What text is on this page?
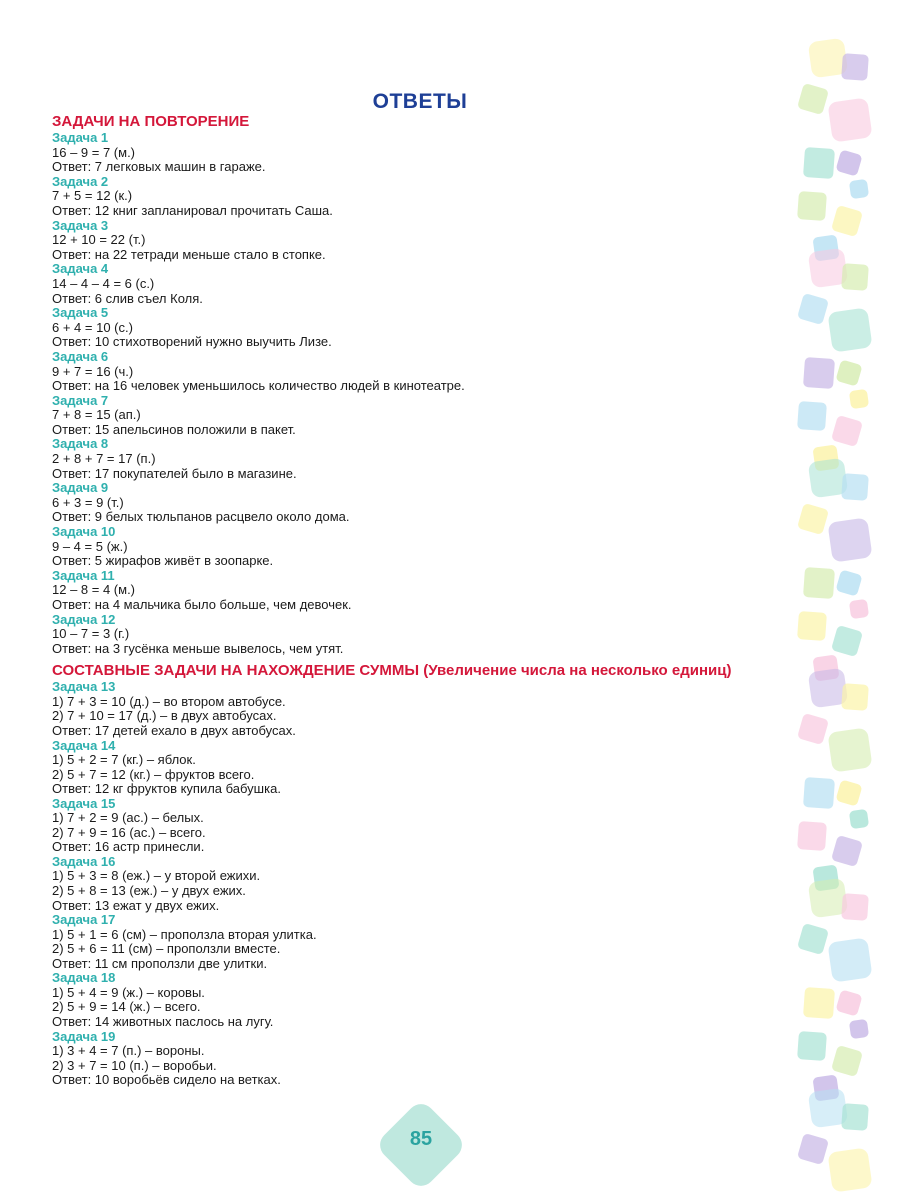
ОТВЕТЫ
ЗАДАЧИ НА ПОВТОРЕНИЕ
Задача 1
16 – 9 = 7 (м.)
Ответ: 7 легковых машин в гараже.
Задача 2
7 + 5 = 12 (к.)
Ответ: 12 книг запланировал прочитать Саша.
Задача 3
12 + 10 = 22 (т.)
Ответ: на 22 тетради меньше стало в стопке.
Задача 4
14 – 4 – 4 = 6 (с.)
Ответ: 6 слив съел Коля.
Задача 5
6 + 4 = 10 (с.)
Ответ: 10 стихотворений нужно выучить Лизе.
Задача 6
9 + 7 = 16 (ч.)
Ответ: на 16 человек уменьшилось количество людей в кинотеатре.
Задача 7
7 + 8 = 15 (ап.)
Ответ: 15 апельсинов положили в пакет.
Задача 8
2 + 8 + 7 = 17 (п.)
Ответ: 17 покупателей было в магазине.
Задача 9
6 + 3 = 9 (т.)
Ответ: 9 белых тюльпанов расцвело около дома.
Задача 10
9 – 4 = 5 (ж.)
Ответ: 5 жирафов живёт в зоопарке.
Задача 11
12 – 8 = 4 (м.)
Ответ: на 4 мальчика было больше, чем девочек.
Задача 12
10 – 7 = 3 (г.)
Ответ: на 3 гусёнка меньше вывелось, чем утят.
СОСТАВНЫЕ ЗАДАЧИ НА НАХОЖДЕНИЕ СУММЫ (Увеличение числа на несколько единиц)
Задача 13
1) 7 + 3 = 10 (д.) – во втором автобусе.
2) 7 + 10 = 17 (д.) – в двух автобусах.
Ответ: 17 детей ехало в двух автобусах.
Задача 14
1) 5 + 2 = 7 (кг.) – яблок.
2) 5 + 7 = 12 (кг.) – фруктов всего.
Ответ: 12 кг фруктов купила бабушка.
Задача 15
1) 7 + 2 = 9 (ас.) – белых.
2) 7 + 9 = 16 (ас.) – всего.
Ответ: 16 астр принесли.
Задача 16
1) 5 + 3 = 8 (еж.) – у второй ежихи.
2) 5 + 8 = 13 (еж.) – у двух ежих.
Ответ: 13 ежат у двух ежих.
Задача 17
1) 5 + 1 = 6 (см) – проползла вторая улитка.
2) 5 + 6 = 11 (см) – проползли вместе.
Ответ: 11 см проползли две улитки.
Задача 18
1) 5 + 4 = 9 (ж.) – коровы.
2) 5 + 9 = 14 (ж.) – всего.
Ответ: 14 животных паслось на лугу.
Задача 19
1) 3 + 4 = 7 (п.) – вороны.
2) 3 + 7 = 10 (п.) – воробьи.
Ответ: 10 воробьёв сидело на ветках.
85
